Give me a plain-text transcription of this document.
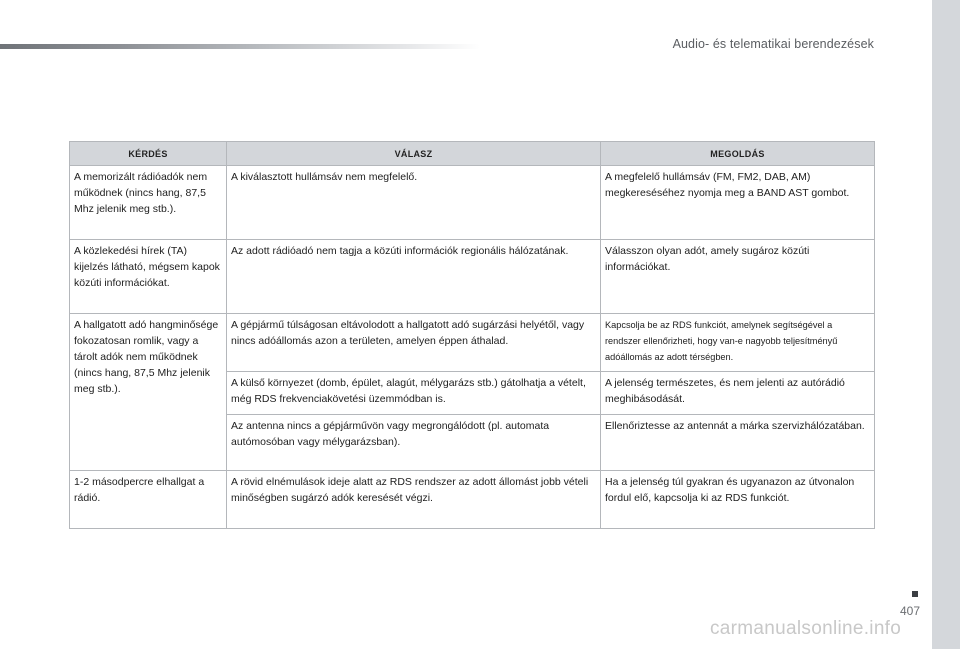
Audio- és telematikai berendezések
KÉRDÉS	VÁLASZ	MEGOLDÁS
A memorizált rádióadók nem működnek (nincs hang, 87,5 Mhz jelenik meg stb.).	A kiválasztott hullámsáv nem megfelelő.	A megfelelő hullámsáv (FM, FM2, DAB, AM) megkereséséhez nyomja meg a BAND AST gombot.
A közlekedési hírek (TA) kijelzés látható, mégsem kapok közúti információkat.	Az adott rádióadó nem tagja a közúti információk regionális hálózatának.	Válasszon olyan adót, amely sugároz közúti információkat.
A hallgatott adó hangminősége fokozatosan romlik, vagy a tárolt adók nem működnek (nincs hang, 87,5 Mhz jelenik meg stb.).	A gépjármű túlságosan eltávolodott a hallgatott adó sugárzási helyétől, vagy nincs adóállomás azon a területen, amelyen éppen áthalad.	Kapcsolja be az RDS funkciót, amelynek segítségével a rendszer ellenőrizheti, hogy van-e nagyobb teljesítményű adóállomás az adott térségben.
	A külső környezet (domb, épület, alagút, mélygarázs stb.) gátolhatja a vételt, még RDS frekvenciakövetési üzemmódban is.	A jelenség természetes, és nem jelenti az autórádió meghibásodását.
	Az antenna nincs a gépjárművön vagy megrongálódott (pl. automata autómosóban vagy mélygarázsban).	Ellenőriztesse az antennát a márka szervizhálózatában.
1-2 másodpercre elhallgat a rádió.	A rövid elnémulások ideje alatt az RDS rendszer az adott állomást jobb vételi minőségben sugárzó adók keresését végzi.	Ha a jelenség túl gyakran és ugyanazon az útvonalon fordul elő, kapcsolja ki az RDS funkciót.
407
carmanualsonline.info
